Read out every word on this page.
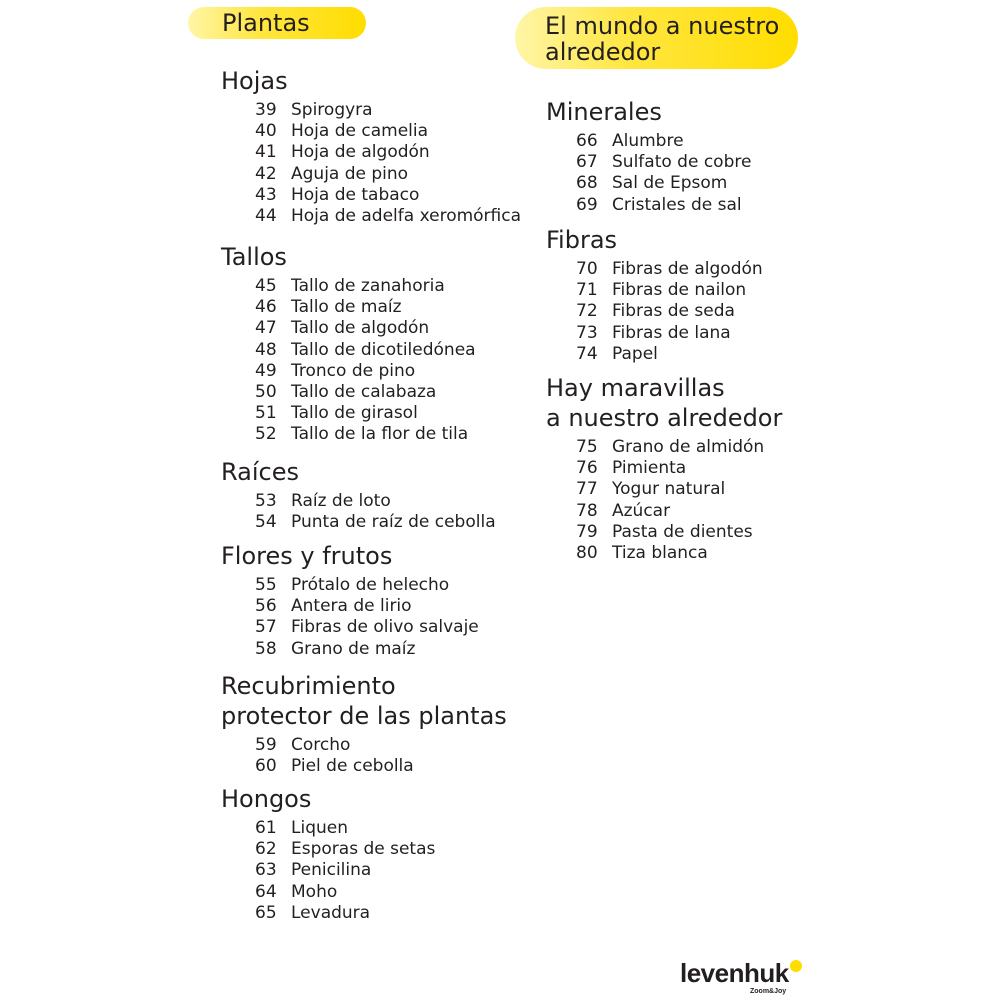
Plantas	El mundo a nuestro
alrededor
Hojas
39 Spirogyra
40 Hoja de camelia
41 Hoja de algodón
42 Aguja de pino
43 Hoja de tabaco
44 Hoja de adelfa xeromórfica
Tallos
45 Tallo de zanahoria
46 Tallo de maíz
47 Tallo de algodón
48 Tallo de dicotiledónea
49 Tronco de pino
50 Tallo de calabaza
51 Tallo de girasol
52 Tallo de la flor de tila
Raíces
53 Raíz de loto
54 Punta de raíz de cebolla
Flores y frutos
55 Prótalo de helecho
56 Antera de lirio
57 Fibras de olivo salvaje
58 Grano de maíz
Recubrimiento
protector de las plantas
59 Corcho
60 Piel de cebolla
Hongos
61 Liquen
62 Esporas de setas
63 Penicilina
64 Moho
65 Levadura
Minerales
66 Alumbre
67 Sulfato de cobre
68 Sal de Epsom
69 Cristales de sal
Fibras
70 Fibras de algodón
71 Fibras de nailon
72 Fibras de seda
73 Fibras de lana
74 Papel
Hay maravillas
a nuestro alrededor
75 Grano de almidón
76 Pimienta
77 Yogur natural
78 Azúcar
79 Pasta de dientes
80 Tiza blanca
levenhuk
Zoom&Joy
